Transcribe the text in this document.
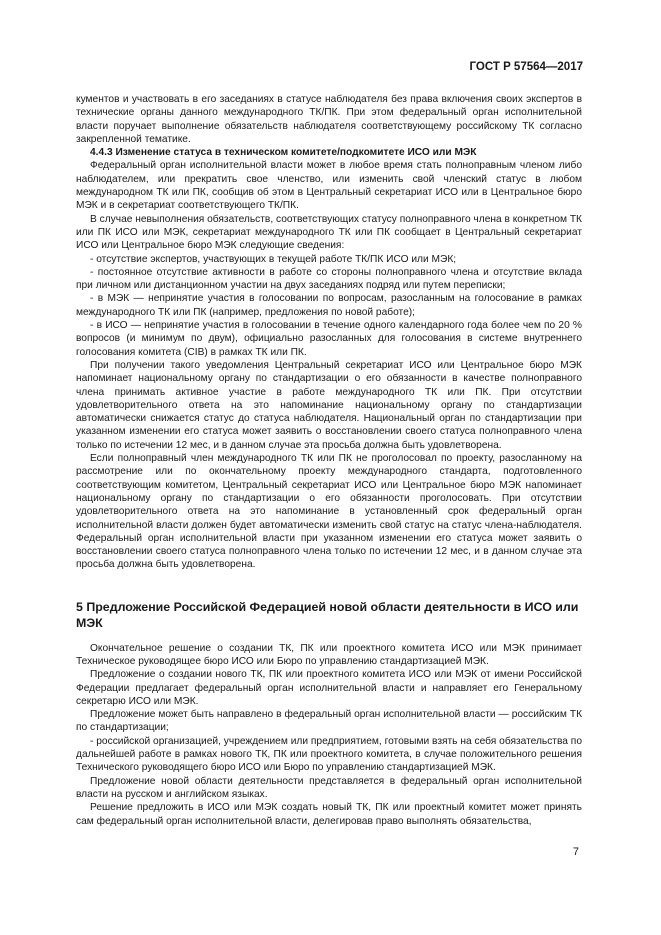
ГОСТ Р 57564—2017

кументов и участвовать в его заседаниях в статусе наблюдателя без права включения своих экспертов в технические органы данного международного ТК/ПК. При этом федеральный орган исполнительной власти поручает выполнение обязательств наблюдателя соответствующему российскому ТК согласно закрепленной тематике.

4.4.3 Изменение статуса в техническом комитете/подкомитете ИСО или МЭК

Федеральный орган исполнительной власти может в любое время стать полноправным членом либо наблюдателем, или прекратить свое членство, или изменить свой членский статус в любом международном ТК или ПК, сообщив об этом в Центральный секретариат ИСО или в Центральное бюро МЭК и в секретариат соответствующего ТК/ПК.

В случае невыполнения обязательств, соответствующих статусу полноправного члена в конкретном ТК или ПК ИСО или МЭК, секретариат международного ТК или ПК сообщает в Центральный секретариат ИСО или Центральное бюро МЭК следующие сведения:

- отсутствие экспертов, участвующих в текущей работе ТК/ПК ИСО или МЭК;

- постоянное отсутствие активности в работе со стороны полноправного члена и отсутствие вклада при личном или дистанционном участии на двух заседаниях подряд или путем переписки;

- в МЭК — непринятие участия в голосовании по вопросам, разосланным на голосование в рамках международного ТК или ПК (например, предложения по новой работе);

- в ИСО — непринятие участия в голосовании в течение одного календарного года более чем по 20 % вопросов (и минимум по двум), официально разосланных для голосования в системе внутреннего голосования комитета (CIB) в рамках ТК или ПК.

При получении такого уведомления Центральный секретариат ИСО или Центральное бюро МЭК напоминает национальному органу по стандартизации о его обязанности в качестве полноправного члена принимать активное участие в работе международного ТК или ПК. При отсутствии удовлетворительного ответа на это напоминание национальному органу по стандартизации автоматически снижается статус до статуса наблюдателя. Национальный орган по стандартизации при указанном изменении его статуса может заявить о восстановлении своего статуса полноправного члена только по истечении 12 мес, и в данном случае эта просьба должна быть удовлетворена.

Если полноправный член международного ТК или ПК не проголосовал по проекту, разосланному на рассмотрение или по окончательному проекту международного стандарта, подготовленного соответствующим комитетом, Центральный секретариат ИСО или Центральное бюро МЭК напоминает национальному органу по стандартизации о его обязанности проголосовать. При отсутствии удовлетворительного ответа на это напоминание в установленный срок федеральный орган исполнительной власти должен будет автоматически изменить свой статус на статус члена-наблюдателя. Федеральный орган исполнительной власти при указанном изменении его статуса может заявить о восстановлении своего статуса полноправного члена только по истечении 12 мес, и в данном случае эта просьба должна быть удовлетворена.

5 Предложение Российской Федерацией новой области деятельности в ИСО или МЭК

Окончательное решение о создании ТК, ПК или проектного комитета ИСО или МЭК принимает Техническое руководящее бюро ИСО или Бюро по управлению стандартизацией МЭК.

Предложение о создании нового ТК, ПК или проектного комитета ИСО или МЭК от имени Российской Федерации предлагает федеральный орган исполнительной власти и направляет его Генеральному секретарю ИСО или МЭК.

Предложение может быть направлено в федеральный орган исполнительной власти — российским ТК по стандартизации;

- российской организацией, учреждением или предприятием, готовыми взять на себя обязательства по дальнейшей работе в рамках нового ТК, ПК или проектного комитета, в случае положительного решения Технического руководящего бюро ИСО или Бюро по управлению стандартизацией МЭК.

Предложение новой области деятельности представляется в федеральный орган исполнительной власти на русском и английском языках.

Решение предложить в ИСО или МЭК создать новый ТК, ПК или проектный комитет может принять сам федеральный орган исполнительной власти, делегировав право выполнять обязательства,

7
